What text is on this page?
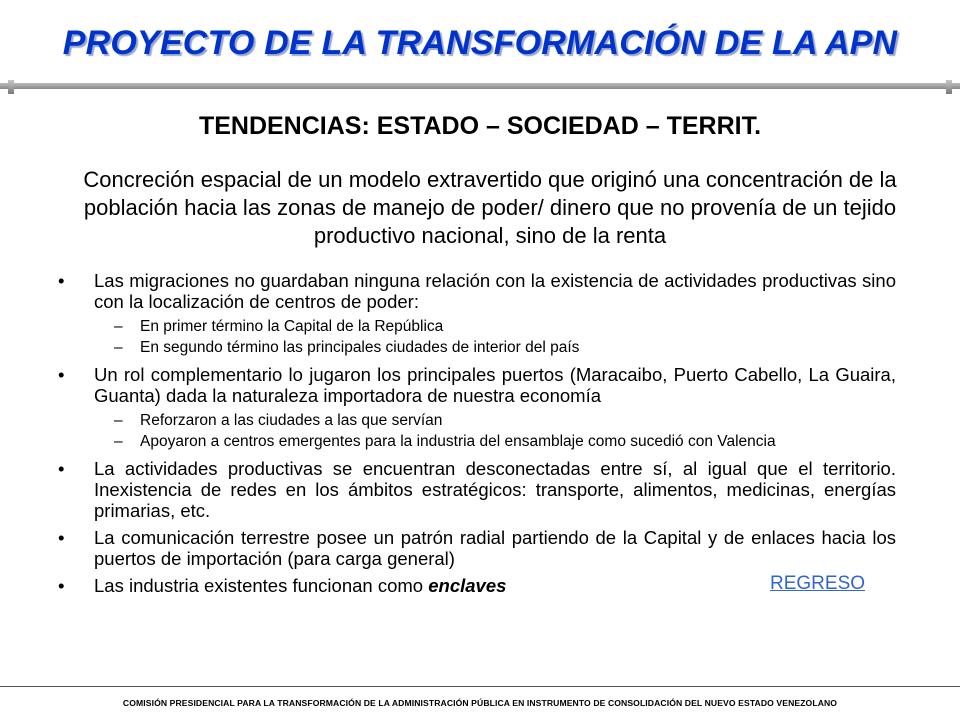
PROYECTO DE LA TRANSFORMACIÓN DE LA APN
TENDENCIAS: ESTADO – SOCIEDAD – TERRIT.
Concreción espacial de un modelo extravertido que originó una concentración de la población hacia las zonas de manejo de poder/ dinero que no provenía de un tejido productivo nacional, sino de la renta
• Las migraciones no guardaban ninguna relación con la existencia de actividades productivas sino con la localización de centros de poder:
– En primer término la Capital de la República
– En segundo término las principales ciudades de interior del país
• Un rol complementario lo jugaron los principales puertos (Maracaibo, Puerto Cabello, La Guaira, Guanta) dada la naturaleza importadora de nuestra economía
– Reforzaron a las ciudades a las que servían
– Apoyaron a centros emergentes para la industria del ensamblaje como sucedió con Valencia
• La actividades productivas se encuentran desconectadas entre sí, al igual que el territorio. Inexistencia de redes en los ámbitos estratégicos: transporte, alimentos, medicinas, energías primarias, etc.
• La comunicación terrestre posee un patrón radial partiendo de la Capital y de enlaces hacia los puertos de importación (para carga general)
• Las industria existentes funcionan como enclaves	REGRESO
COMISIÓN PRESIDENCIAL PARA LA TRANSFORMACIÓN DE LA ADMINISTRACIÓN PÚBLICA EN INSTRUMENTO DE CONSOLIDACIÓN DEL NUEVO ESTADO VENEZOLANO
